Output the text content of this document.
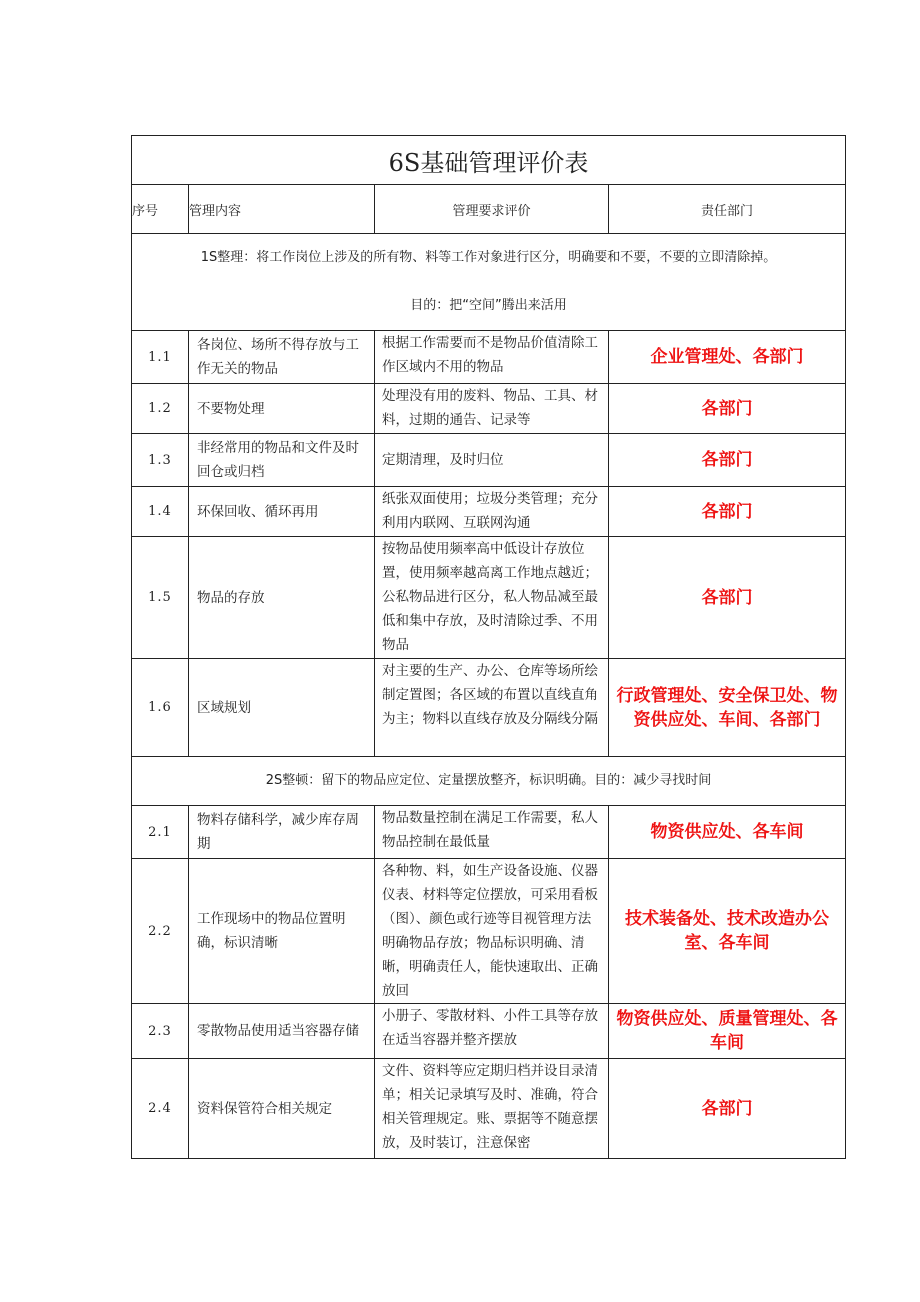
6S基础管理评价表			
序号	管理内容	管理要求评价	责任部门

1S整理：将工作岗位上涉及的所有物、料等工作对象进行区分，明确要和不要，不要的立即清除掉。
目的：把“空间”腾出来活用			

1.1	各岗位、场所不得存放与工作无关的物品	根据工作需要而不是物品价值清除工作区域内不用的物品	企业管理处、各部门
1.2	不要物处理	处理没有用的废料、物品、工具、材料，过期的通告、记录等	各部门
1.3	非经常用的物品和文件及时回仓或归档	定期清理，及时归位	各部门
1.4	环保回收、循环再用	纸张双面使用；垃圾分类管理；充分利用内联网、互联网沟通	各部门
1.5	物品的存放	按物品使用频率高中低设计存放位置，使用频率越高离工作地点越近；公私物品进行区分，私人物品减至最低和集中存放，及时清除过季、不用物品	各部门
1.6	区域规划	对主要的生产、办公、仓库等场所绘制定置图；各区域的布置以直线直角为主；物料以直线存放及分隔线分隔	行政管理处、安全保卫处、物资供应处、车间、各部门

2S整顿：留下的物品应定位、定量摆放整齐，标识明确。目的：减少寻找时间			

2.1	物料存储科学，减少库存周期	物品数量控制在满足工作需要，私人物品控制在最低量	物资供应处、各车间
2.2	工作现场中的物品位置明确，标识清晰	各种物、料，如生产设备设施、仪器仪表、材料等定位摆放，可采用看板（图）、颜色或行迹等目视管理方法明确物品存放；物品标识明确、清晰，明确责任人，能快速取出、正确放回	技术装备处、技术改造办公室、各车间
2.3	零散物品使用适当容器存储	小册子、零散材料、小件工具等存放在适当容器并整齐摆放	物资供应处、质量管理处、各车间
2.4	资料保管符合相关规定	文件、资料等应定期归档并设目录清单；相关记录填写及时、准确，符合相关管理规定。账、票据等不随意摆放，及时装订，注意保密	各部门
